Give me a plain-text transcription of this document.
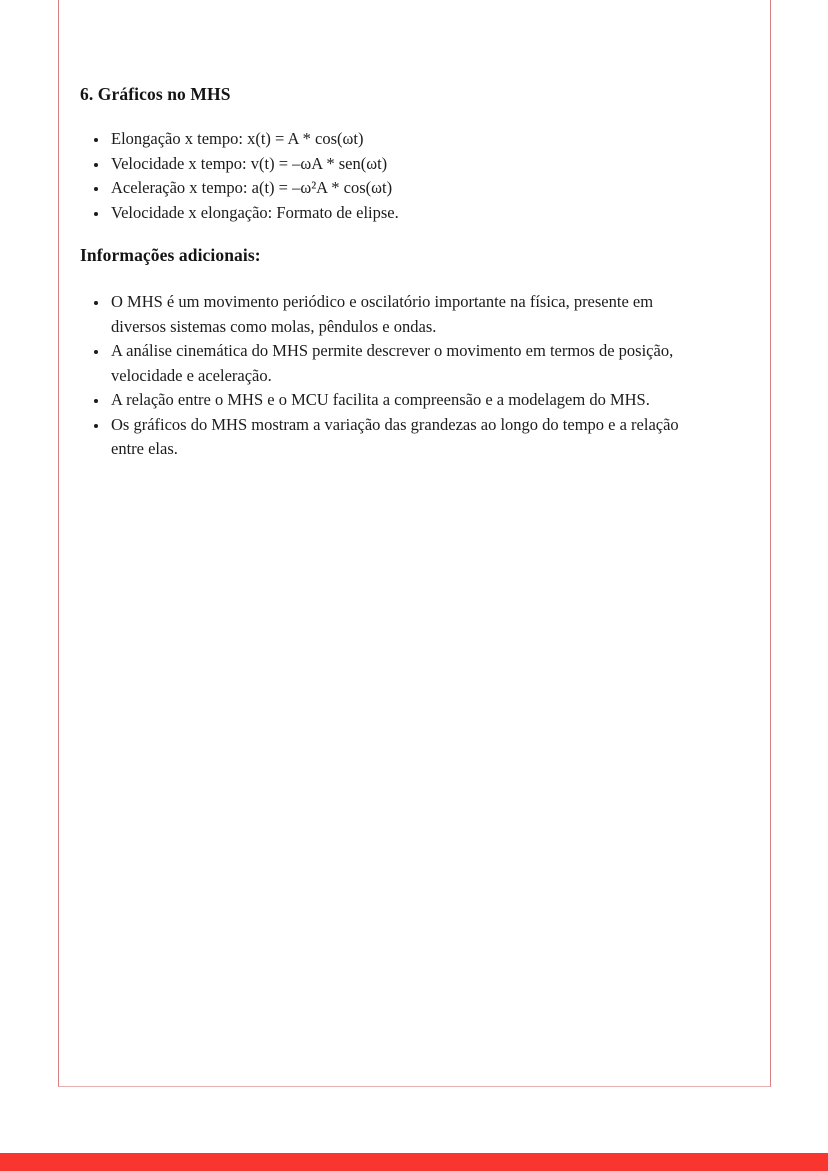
6. Gráficos no MHS
• Elongação x tempo: x(t) = A * cos(ωt)
• Velocidade x tempo: v(t) = –ωA * sen(ωt)
• Aceleração x tempo: a(t) = –ω²A * cos(ωt)
• Velocidade x elongação: Formato de elipse.
Informações adicionais:
• O MHS é um movimento periódico e oscilatório importante na física, presente em diversos sistemas como molas, pêndulos e ondas.
• A análise cinemática do MHS permite descrever o movimento em termos de posição, velocidade e aceleração.
• A relação entre o MHS e o MCU facilita a compreensão e a modelagem do MHS.
• Os gráficos do MHS mostram a variação das grandezas ao longo do tempo e a relação entre elas.
